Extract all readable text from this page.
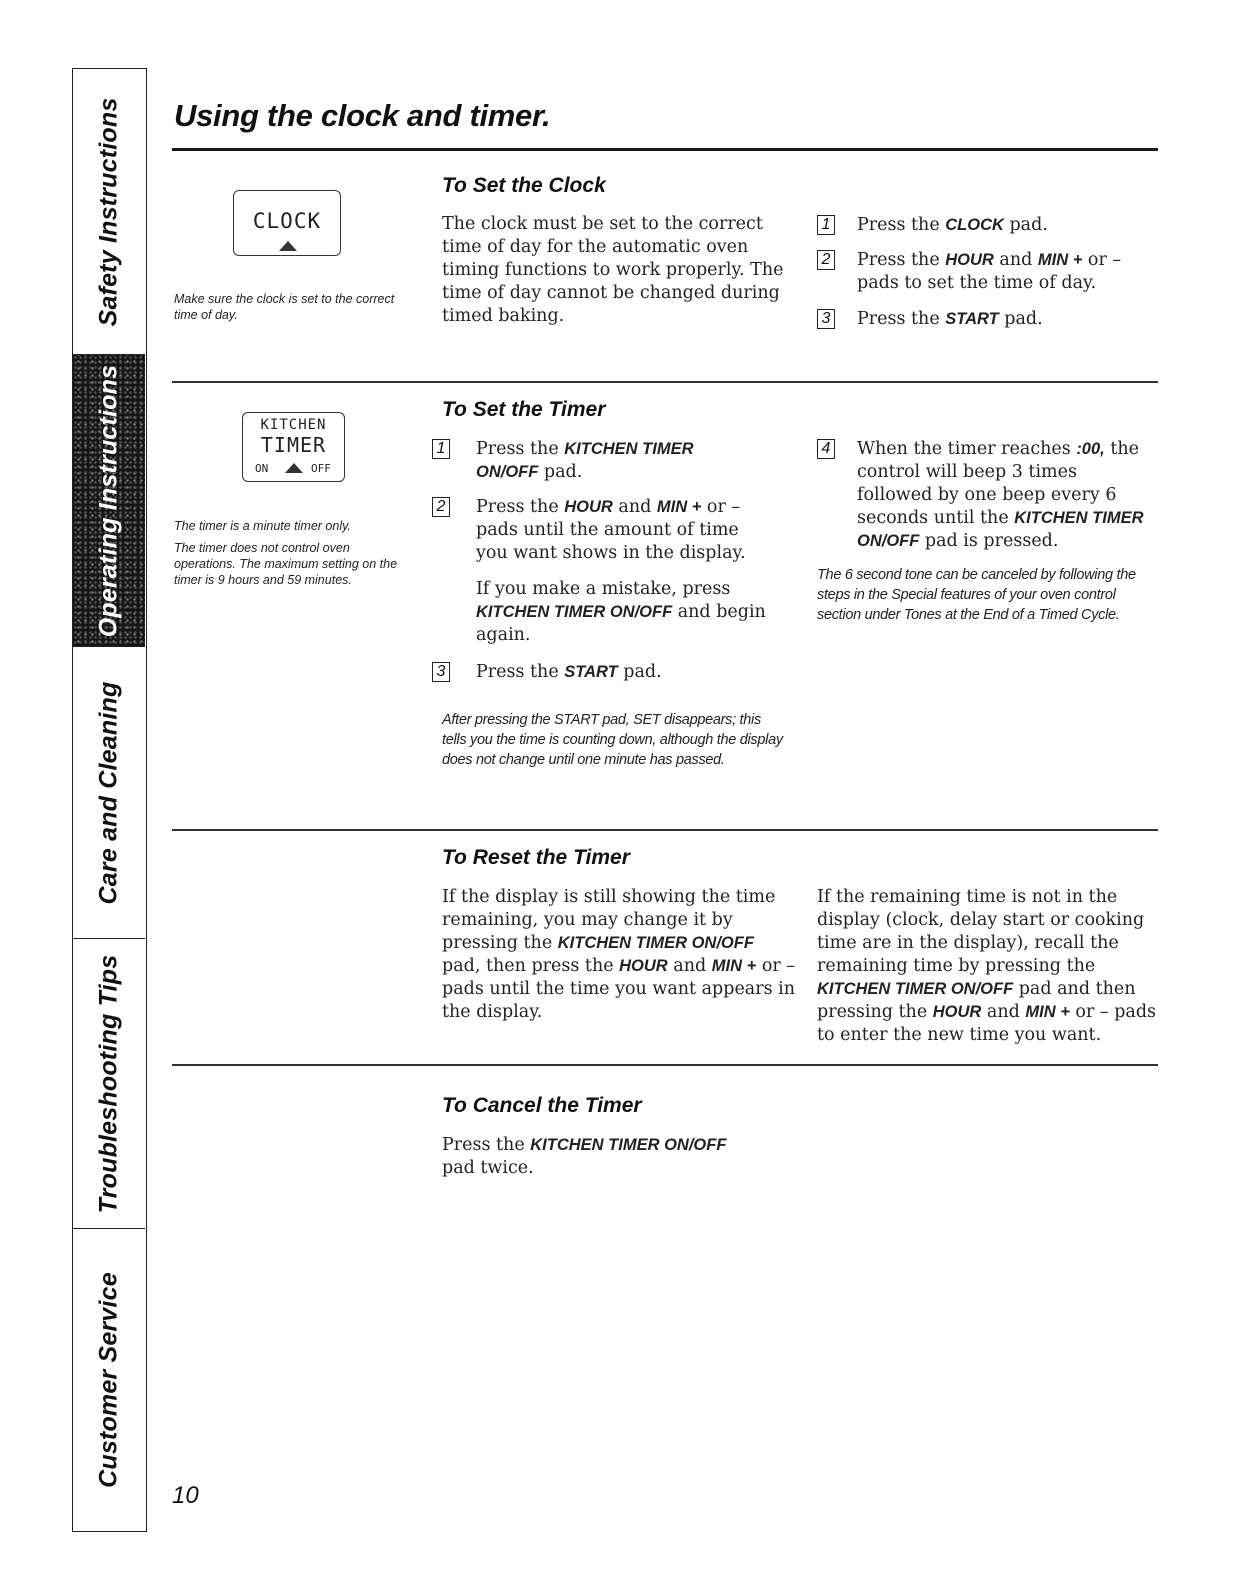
Safety Instructions
Operating Instructions
Care and Cleaning
Troubleshooting Tips
Customer Service
Using the clock and timer.
CLOCK
Make sure the clock is set to the correct time of day.
To Set the Clock
The clock must be set to the correct time of day for the automatic oven timing functions to work properly. The time of day cannot be changed during timed baking.
1 Press the CLOCK pad.
2 Press the HOUR and MIN + or – pads to set the time of day.
3 Press the START pad.
KITCHEN
TIMER
ON	OFF
The timer is a minute timer only.
The timer does not control oven operations. The maximum setting on the timer is 9 hours and 59 minutes.
To Set the Timer
1 Press the KITCHEN TIMER ON/OFF pad.
2 Press the HOUR and MIN + or – pads until the amount of time you want shows in the display.
If you make a mistake, press KITCHEN TIMER ON/OFF and begin again.
3 Press the START pad.
After pressing the START pad, SET disappears; this tells you the time is counting down, although the display does not change until one minute has passed.
4 When the timer reaches :00, the control will beep 3 times followed by one beep every 6 seconds until the KITCHEN TIMER ON/OFF pad is pressed.
The 6 second tone can be canceled by following the steps in the Special features of your oven control section under Tones at the End of a Timed Cycle.
To Reset the Timer
If the display is still showing the time remaining, you may change it by pressing the KITCHEN TIMER ON/OFF pad, then press the HOUR and MIN + or – pads until the time you want appears in the display.
If the remaining time is not in the display (clock, delay start or cooking time are in the display), recall the remaining time by pressing the KITCHEN TIMER ON/OFF pad and then pressing the HOUR and MIN + or – pads to enter the new time you want.
To Cancel the Timer
Press the KITCHEN TIMER ON/OFF pad twice.
10
